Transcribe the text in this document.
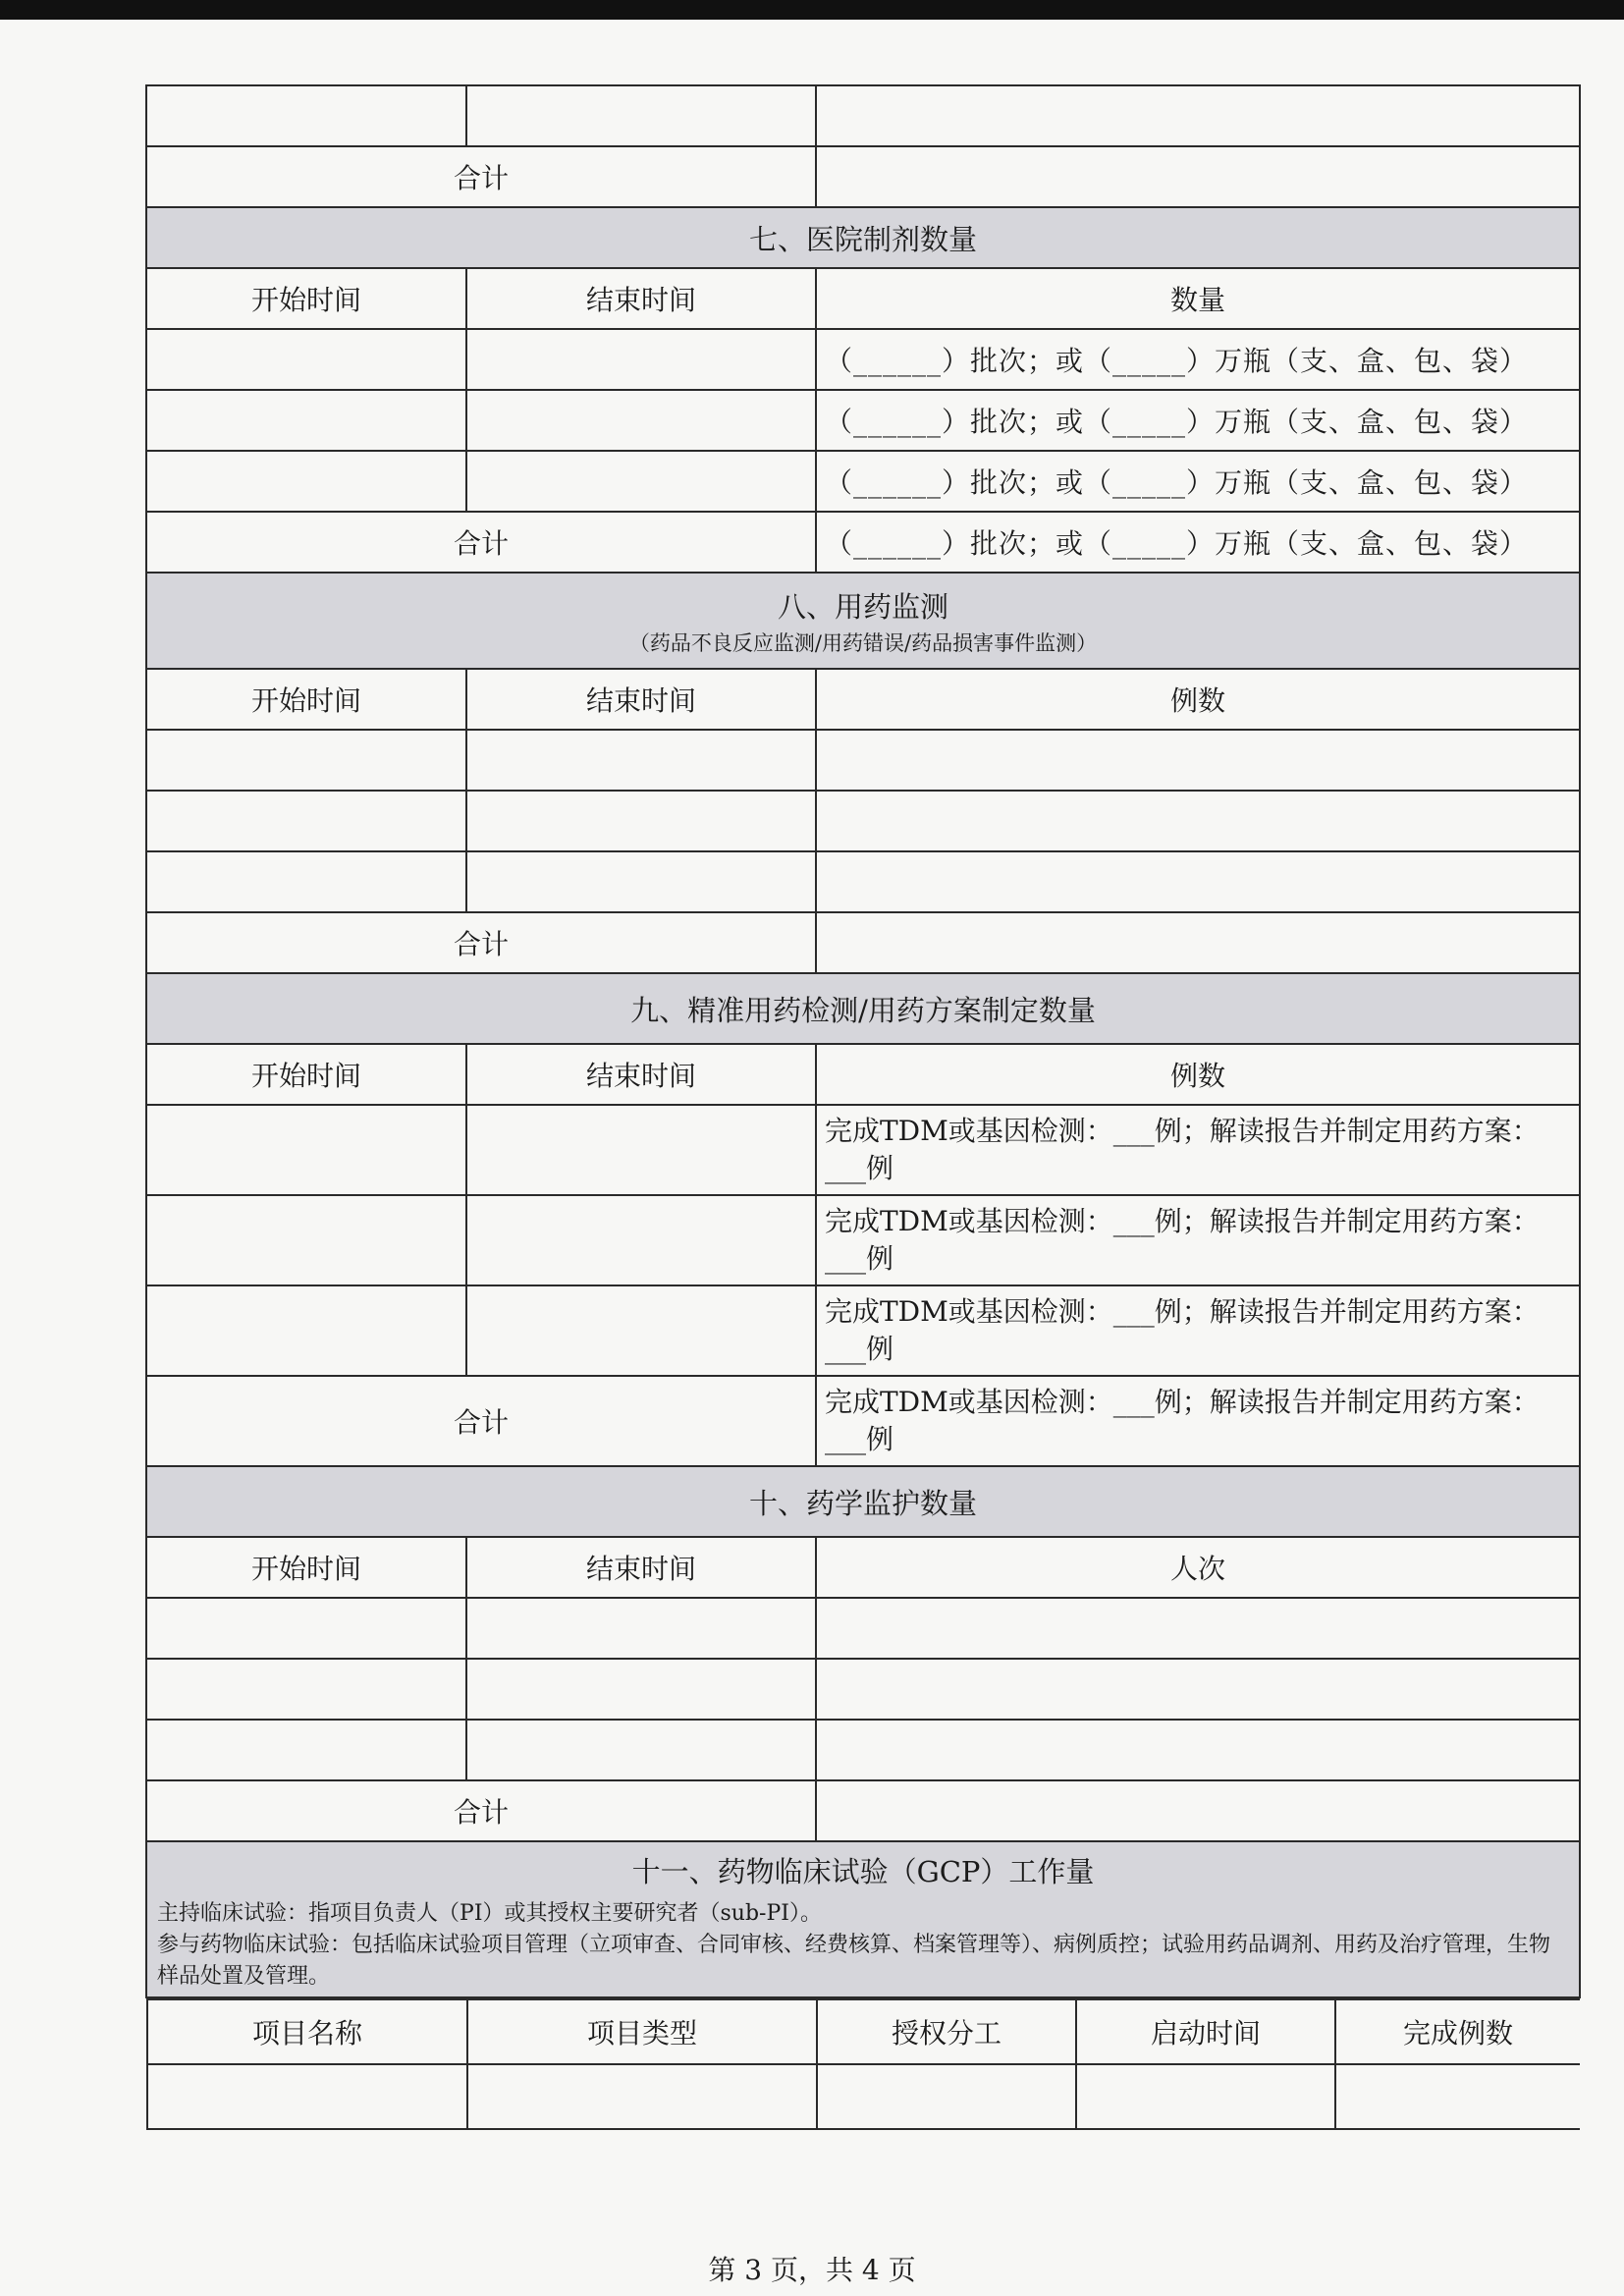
合计	
七、医院制剂数量
开始时间	结束时间	数量
		（______）批次；或（_____）万瓶（支、盒、包、袋）
		（______）批次；或（_____）万瓶（支、盒、包、袋）
		（______）批次；或（_____）万瓶（支、盒、包、袋）
合计	（______）批次；或（_____）万瓶（支、盒、包、袋）
八、用药监测
（药品不良反应监测/用药错误/药品损害事件监测）

开始时间	结束时间	例数

合计	
九、精准用药检测/用药方案制定数量
开始时间	结束时间	例数
		完成TDM或基因检测：___例；解读报告并制定用药方案：___例
		完成TDM或基因检测：___例；解读报告并制定用药方案：___例
		完成TDM或基因检测：___例；解读报告并制定用药方案：___例
合计	完成TDM或基因检测：___例；解读报告并制定用药方案：___例
十、药学监护数量
开始时间	结束时间	人次

合计	

十一、药物临床试验（GCP）工作量
主持临床试验：指项目负责人（PI）或其授权主要研究者（sub-PI）。
参与药物临床试验：包括临床试验项目管理（立项审查、合同审核、经费核算、档案管理等）、病例质控；试验用药品调剂、用药及治疗管理，生物样品处置及管理。

项目名称	项目类型	授权分工	启动时间	完成例数

第 3 页，共 4 页
